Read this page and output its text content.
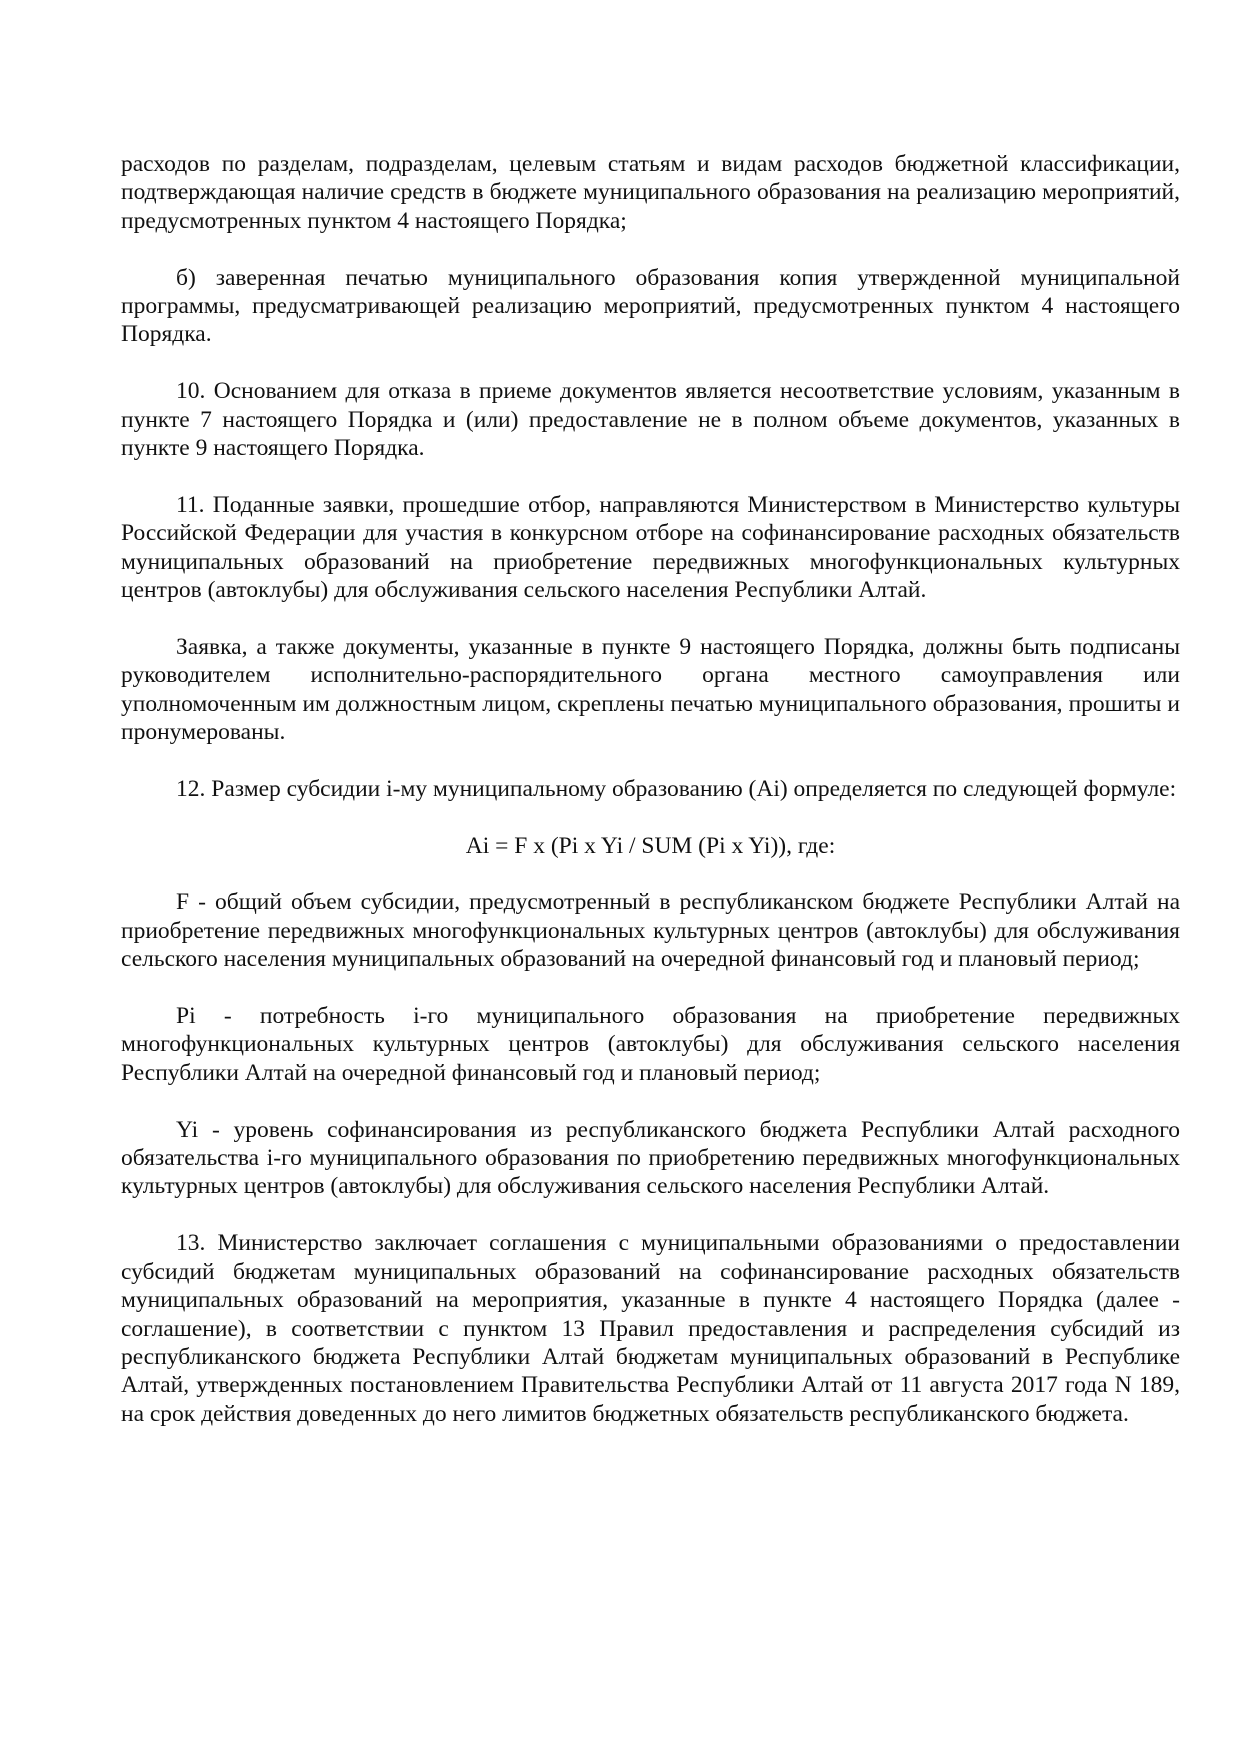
расходов по разделам, подразделам, целевым статьям и видам расходов бюджетной классификации, подтверждающая наличие средств в бюджете муниципального образования на реализацию мероприятий, предусмотренных пунктом 4 настоящего Порядка;

б) заверенная печатью муниципального образования копия утвержденной муниципальной программы, предусматривающей реализацию мероприятий, предусмотренных пунктом 4 настоящего Порядка.

10. Основанием для отказа в приеме документов является несоответствие условиям, указанным в пункте 7 настоящего Порядка и (или) предоставление не в полном объеме документов, указанных в пункте 9 настоящего Порядка.

11. Поданные заявки, прошедшие отбор, направляются Министерством в Министерство культуры Российской Федерации для участия в конкурсном отборе на софинансирование расходных обязательств муниципальных образований на приобретение передвижных многофункциональных культурных центров (автоклубы) для обслуживания сельского населения Республики Алтай.

Заявка, а также документы, указанные в пункте 9 настоящего Порядка, должны быть подписаны руководителем исполнительно-распорядительного органа местного самоуправления или уполномоченным им должностным лицом, скреплены печатью муниципального образования, прошиты и пронумерованы.

12. Размер субсидии i-му муниципальному образованию (Ai) определяется по следующей формуле:

Ai = F x (Pi x Yi / SUM (Pi x Yi)), где:

F - общий объем субсидии, предусмотренный в республиканском бюджете Республики Алтай на приобретение передвижных многофункциональных культурных центров (автоклубы) для обслуживания сельского населения муниципальных образований на очередной финансовый год и плановый период;

Pi - потребность i-го муниципального образования на приобретение передвижных многофункциональных культурных центров (автоклубы) для обслуживания сельского населения Республики Алтай на очередной финансовый год и плановый период;

Yi - уровень софинансирования из республиканского бюджета Республики Алтай расходного обязательства i-го муниципального образования по приобретению передвижных многофункциональных культурных центров (автоклубы) для обслуживания сельского населения Республики Алтай.

13. Министерство заключает соглашения с муниципальными образованиями о предоставлении субсидий бюджетам муниципальных образований на софинансирование расходных обязательств муниципальных образований на мероприятия, указанные в пункте 4 настоящего Порядка (далее - соглашение), в соответствии с пунктом 13 Правил предоставления и распределения субсидий из республиканского бюджета Республики Алтай бюджетам муниципальных образований в Республике Алтай, утвержденных постановлением Правительства Республики Алтай от 11 августа 2017 года N 189, на срок действия доведенных до него лимитов бюджетных обязательств республиканского бюджета.
